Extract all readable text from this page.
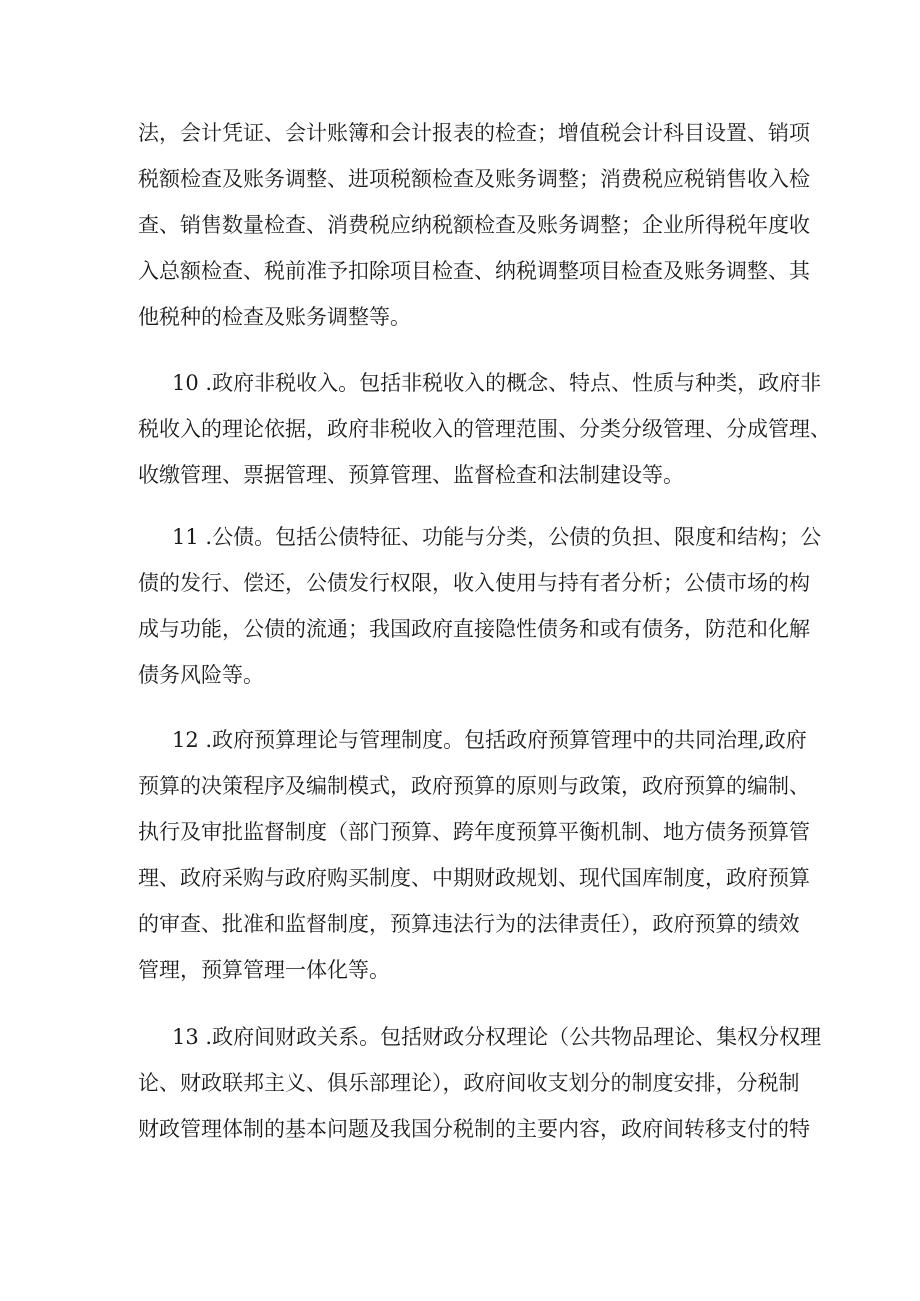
法，会计凭证、会计账簿和会计报表的检查；增值税会计科目设置、销项
税额检查及账务调整、进项税额检查及账务调整；消费税应税销售收入检
查、销售数量检查、消费税应纳税额检查及账务调整；企业所得税年度收
入总额检查、税前准予扣除项目检查、纳税调整项目检查及账务调整、其
他税种的检查及账务调整等。
10 .政府非税收入。包括非税收入的概念、特点、性质与种类，政府非
税收入的理论依据，政府非税收入的管理范围、分类分级管理、分成管理、
收缴管理、票据管理、预算管理、监督检查和法制建设等。
11 .公债。包括公债特征、功能与分类，公债的负担、限度和结构；公
债的发行、偿还，公债发行权限，收入使用与持有者分析；公债市场的构
成与功能，公债的流通；我国政府直接隐性债务和或有债务，防范和化解
债务风险等。
12 .政府预算理论与管理制度。包括政府预算管理中的共同治理,政府
预算的决策程序及编制模式，政府预算的原则与政策，政府预算的编制、
执行及审批监督制度（部门预算、跨年度预算平衡机制、地方债务预算管
理、政府采购与政府购买制度、中期财政规划、现代国库制度，政府预算
的审查、批准和监督制度，预算违法行为的法律责任），政府预算的绩效
管理，预算管理一体化等。
13 .政府间财政关系。包括财政分权理论（公共物品理论、集权分权理
论、财政联邦主义、俱乐部理论），政府间收支划分的制度安排，分税制
财政管理体制的基本问题及我国分税制的主要内容，政府间转移支付的特
